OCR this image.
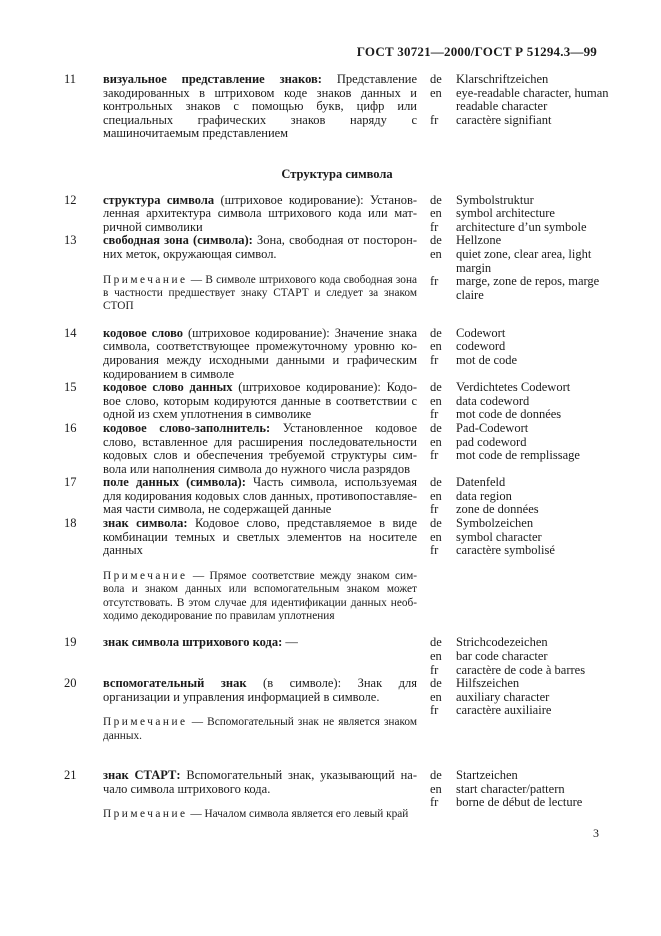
ГОСТ 30721—2000/ГОСТ Р 51294.3—99
11	визуальное представление знаков: Представление закодированных в штриховом коде знаков данных и контрольных знаков с помощью букв, цифр или специальных графических знаков наряду с машиночитаемым представлением

de	Klarschriftzeichen
en	eye-readable character, human readable character
fr	caractère signifiant
Структура символа
12	структура символа (штриховое кодирование): Установленная архитектура символа штрихового кода или матричной символики

de	Symbolstruktur
en	symbol architecture
fr	architecture d’un symbole
13	свободная зона (символа): Зона, свободная от посторонних меток, окружающая символ.

Примечание — В символе штрихового кода свободная зона в частности предшествует знаку СТАРТ и следует за знаком СТОП

de	Hellzone
en	quiet zone, clear area, light margin
fr	marge, zone de repos, marge claire
14	кодовое слово (штриховое кодирование): Значение знака символа, соответствующее промежуточному уровню кодирования между исходными данными и графическим кодированием в символе

de	Codewort
en	codeword
fr	mot de code
15	кодовое слово данных (штриховое кодирование): Кодовое слово, которым кодируются данные в соответствии с одной из схем уплотнения в символике

de	Verdichtetes Codewort
en	data codeword
fr	mot code de données
16	кодовое слово-заполнитель: Установленное кодовое слово, вставленное для расширения последовательности кодовых слов и обеспечения требуемой структуры символа или наполнения символа до нужного числа разрядов

de	Pad-Codewort
en	pad codeword
fr	mot code de remplissage
17	поле данных (символа): Часть символа, используемая для кодирования кодовых слов данных, противопоставляемая части символа, не содержащей данные

de	Datenfeld
en	data region
fr	zone de données
18	знак символа: Кодовое слово, представляемое в виде комбинации темных и светлых элементов на носителе данных

Примечание — Прямое соответствие между знаком символа и знаком данных или вспомогательным знаком может отсутствовать. В этом случае для идентификации данных необходимо декодирование по правилам уплотнения

de	Symbolzeichen
en	symbol character
fr	caractère symbolisé
19	знак символа штрихового кода: —	de	Strichcodezeichen
en	bar code character
fr	caractère de code à barres
20	вспомогательный знак (в символе): Знак для организации и управления информацией в символе.

Примечание — Вспомогательный знак не является знаком данных.

de	Hilfszeichen
en	auxiliary character
fr	caractère auxiliaire
21	знак СТАРТ: Вспомогательный знак, указывающий начало символа штрихового кода.

Примечание — Началом символа является его левый край

de	Startzeichen
en	start character/pattern
fr	borne de début de lecture
3
